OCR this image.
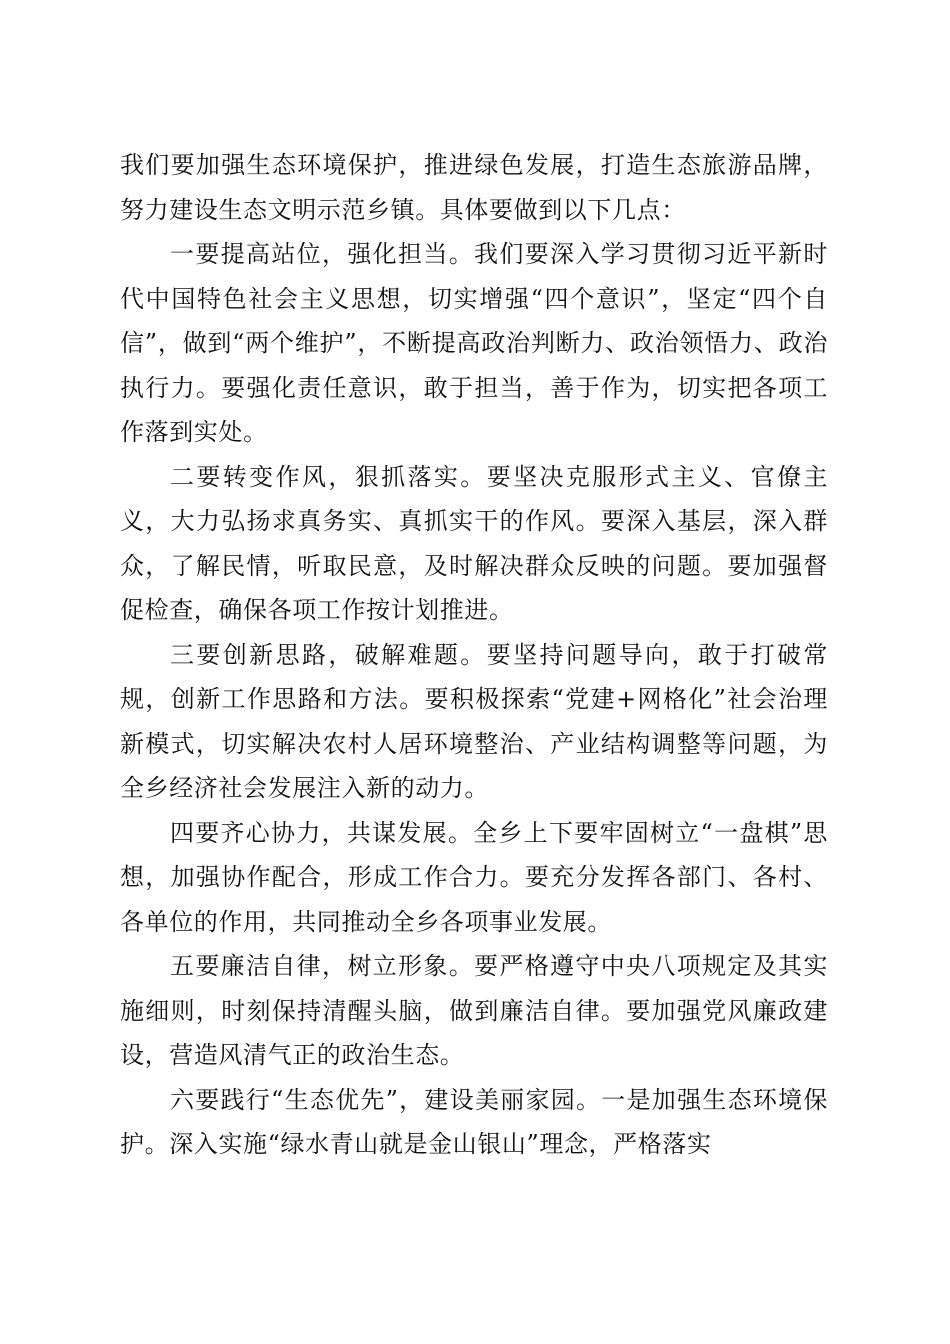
我们要加强生态环境保护，推进绿色发展，打造生态旅游品牌，努力建设生态文明示范乡镇。具体要做到以下几点：

一要提高站位，强化担当。我们要深入学习贯彻习近平新时代中国特色社会主义思想，切实增强“四个意识”，坚定“四个自信”，做到“两个维护”，不断提高政治判断力、政治领悟力、政治执行力。要强化责任意识，敢于担当，善于作为，切实把各项工作落到实处。

二要转变作风，狠抓落实。要坚决克服形式主义、官僚主义，大力弘扬求真务实、真抓实干的作风。要深入基层，深入群众，了解民情，听取民意，及时解决群众反映的问题。要加强督促检查，确保各项工作按计划推进。

三要创新思路，破解难题。要坚持问题导向，敢于打破常规，创新工作思路和方法。要积极探索“党建+网格化”社会治理新模式，切实解决农村人居环境整治、产业结构调整等问题，为全乡经济社会发展注入新的动力。

四要齐心协力，共谋发展。全乡上下要牢固树立“一盘棋”思想，加强协作配合，形成工作合力。要充分发挥各部门、各村、各单位的作用，共同推动全乡各项事业发展。

五要廉洁自律，树立形象。要严格遵守中央八项规定及其实施细则，时刻保持清醒头脑，做到廉洁自律。要加强党风廉政建设，营造风清气正的政治生态。

六要践行“生态优先”，建设美丽家园。一是加强生态环境保护。深入实施“绿水青山就是金山银山”理念，严格落实
